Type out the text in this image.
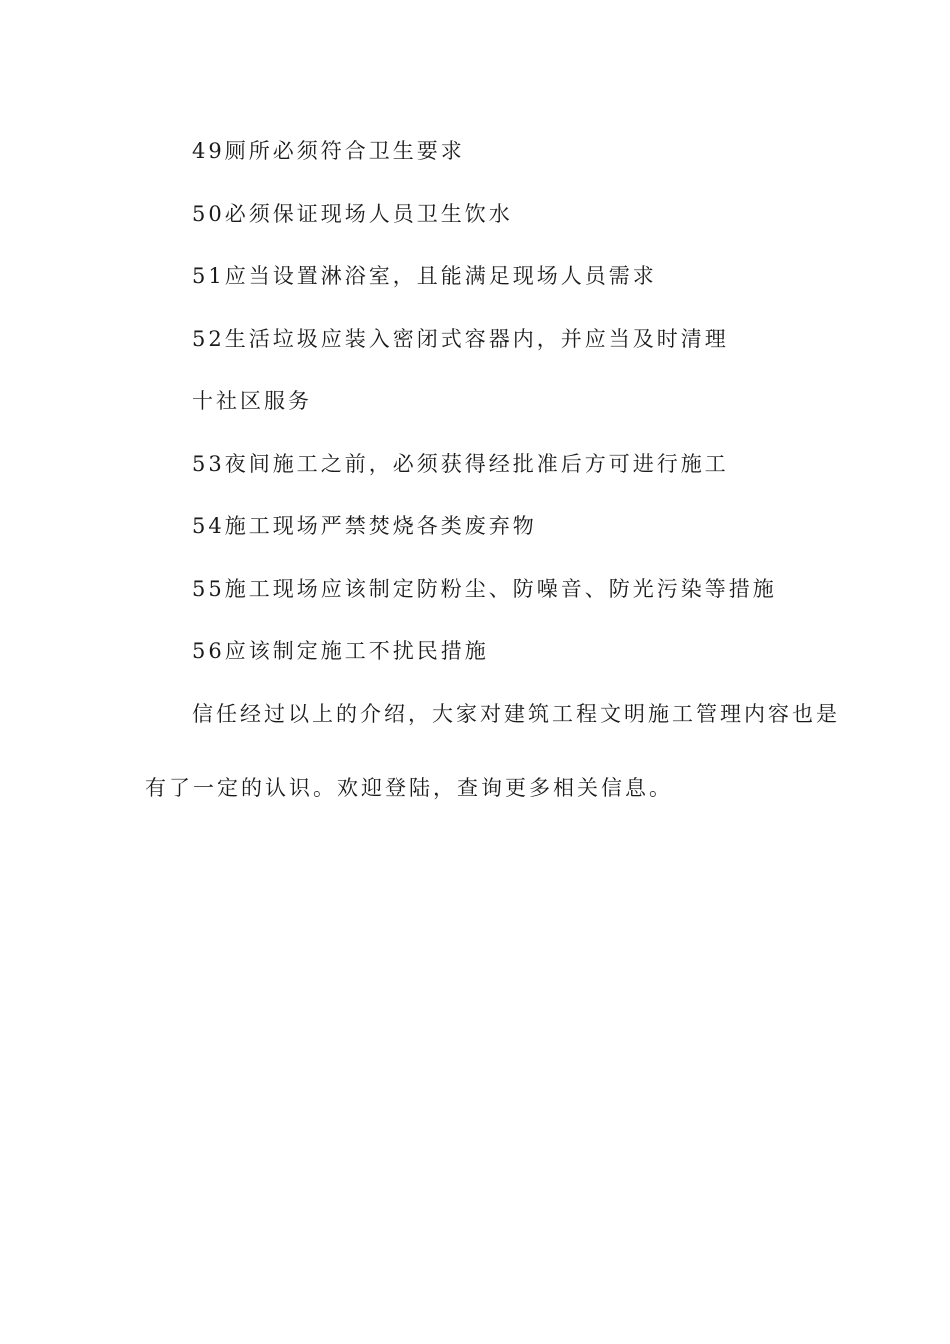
49厕所必须符合卫生要求
50必须保证现场人员卫生饮水
51应当设置淋浴室，且能满足现场人员需求
52生活垃圾应装入密闭式容器内，并应当及时清理
十社区服务
53夜间施工之前，必须获得经批准后方可进行施工
54施工现场严禁焚烧各类废弃物
55施工现场应该制定防粉尘、防噪音、防光污染等措施
56应该制定施工不扰民措施
信任经过以上的介绍，大家对建筑工程文明施工管理内容也是
有了一定的认识。欢迎登陆，查询更多相关信息。
